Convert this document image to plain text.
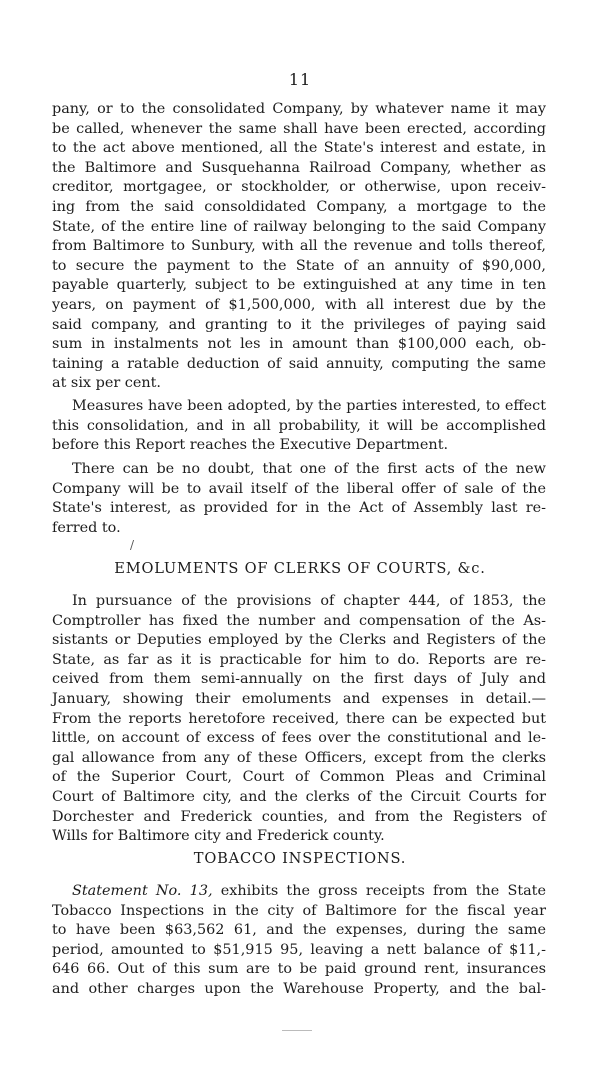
11
pany, or to the consolidated Company, by whatever name it may
be called, whenever the same shall have been erected, according
to the act above mentioned, all the State's interest and estate, in
the Baltimore and Susquehanna Railroad Company, whether as
creditor, mortgagee, or stockholder, or otherwise, upon receiv-
ing from the said consoldidated Company, a mortgage to the
State, of the entire line of railway belonging to the said Company
from Baltimore to Sunbury, with all the revenue and tolls thereof,
to secure the payment to the State of an annuity of $90,000,
payable quarterly, subject to be extinguished at any time in ten
years, on payment of $1,500,000, with all interest due by the
said company, and granting to it the privileges of paying said
sum in instalments not les in amount than $100,000 each, ob-
taining a ratable deduction of said annuity, computing the same
at six per cent.
Measures have been adopted, by the parties interested, to effect
this consolidation, and in all probability, it will be accomplished
before this Report reaches the Executive Department.
There can be no doubt, that one of the first acts of the new
Company will be to avail itself of the liberal offer of sale of the
State's interest, as provided for in the Act of Assembly last re-
ferred to.
/
EMOLUMENTS OF CLERKS OF COURTS, &c.
In pursuance of the provisions of chapter 444, of 1853, the
Comptroller has fixed the number and compensation of the As-
sistants or Deputies employed by the Clerks and Registers of the
State, as far as it is practicable for him to do. Reports are re-
ceived from them semi-annually on the first days of July and
January, showing their emoluments and expenses in detail.—
From the reports heretofore received, there can be expected but
little, on account of excess of fees over the constitutional and le-
gal allowance from any of these Officers, except from the clerks
of the Superior Court, Court of Common Pleas and Criminal
Court of Baltimore city, and the clerks of the Circuit Courts for
Dorchester and Frederick counties, and from the Registers of
Wills for Baltimore city and Frederick county.
TOBACCO INSPECTIONS.
Statement No. 13, exhibits the gross receipts from the State
Tobacco Inspections in the city of Baltimore for the fiscal year
to have been $63,562 61, and the expenses, during the same
period, amounted to $51,915 95, leaving a nett balance of $11,-
646 66. Out of this sum are to be paid ground rent, insurances
and other charges upon the Warehouse Property, and the bal-
